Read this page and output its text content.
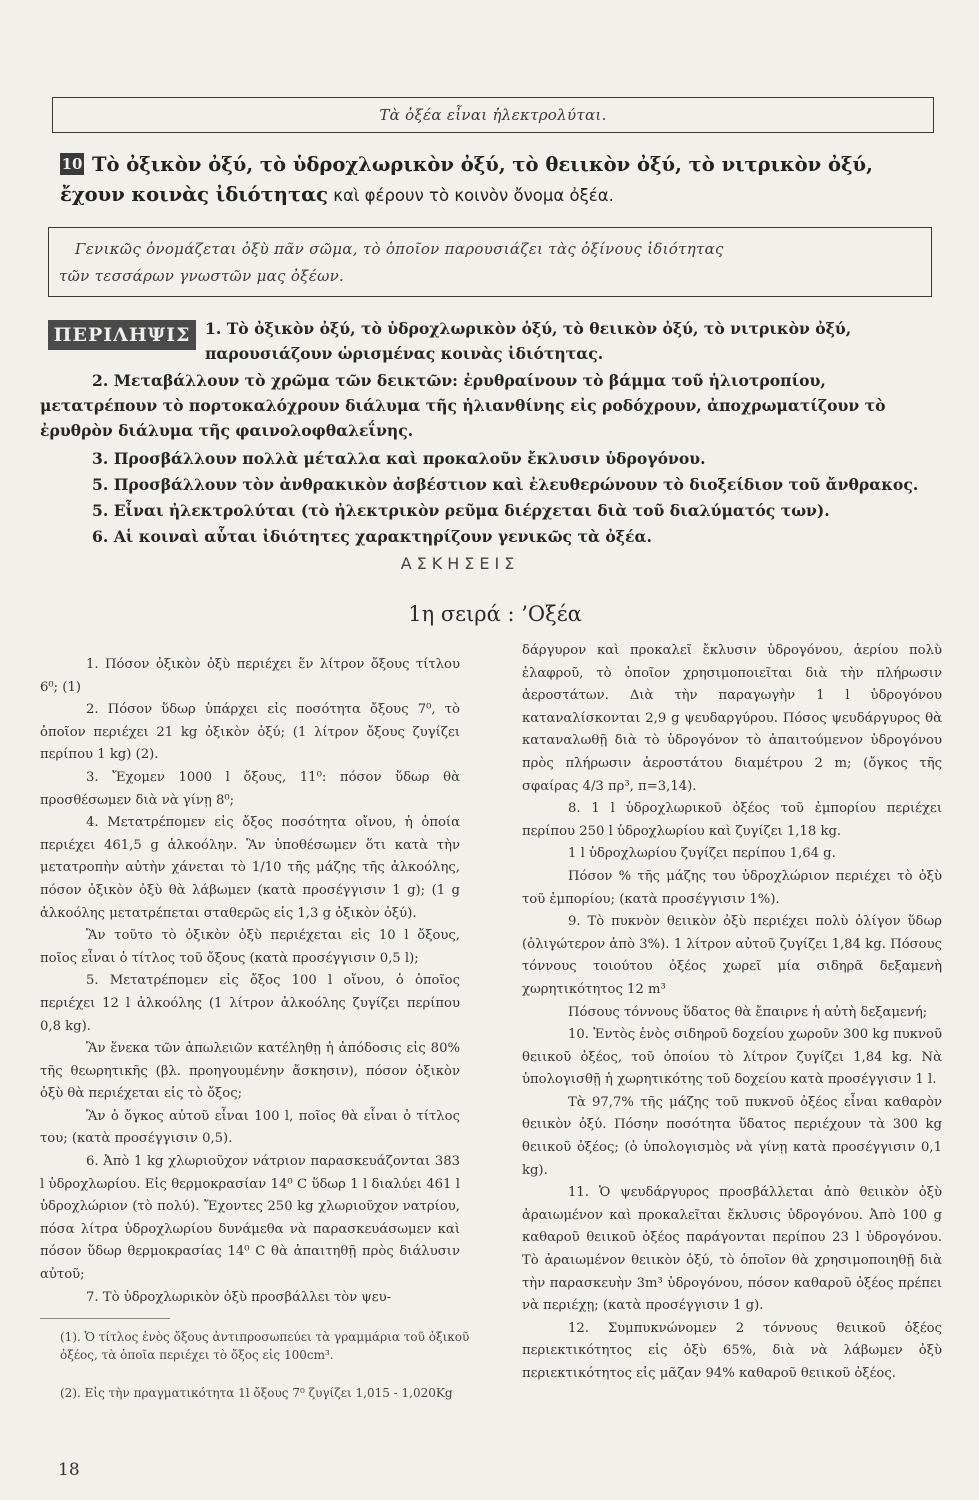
Τὰ ὀξέα εἶναι ἠλεκτρολύται.
10 Τὸ ὀξικὸν ὀξύ, τὸ ὑδροχλωρικὸν ὀξύ, τὸ θειικὸν ὀξύ, τὸ νιτρικὸν ὀξύ, ἔχουν κοινὰς ἰδιότητας καὶ φέρουν τὸ κοινὸν ὄνομα ὀξέα.
Γενικῶς ὀνομάζεται ὀξὺ πᾶν σῶμα, τὸ ὁποῖον παρουσιάζει τὰς ὀξίνους ἰδιότητας
τῶν τεσσάρων γνωστῶν μας ὀξέων.
ΠΕΡΙΛΗΨΙΣ 1. Τὸ ὀξικὸν ὀξύ, τὸ ὑδροχλωρικὸν ὀξύ, τὸ θειικὸν ὀξύ, τὸ νιτρικὸν ὀξύ, παρουσιάζουν ὡρισμένας κοινὰς ἰδιότητας.
2. Μεταβάλλουν τὸ χρῶμα τῶν δεικτῶν: ἐρυθραίνουν τὸ βάμμα τοῦ ἡλιοτροπίου, μετατρέπουν τὸ πορτοκαλόχρουν διάλυμα τῆς ἡλιανθίνης εἰς ροδόχρουν, ἀποχρωματίζουν τὸ ἐρυθρὸν διάλυμα τῆς φαινολοφθαλεΐνης.
3. Προσβάλλουν πολλὰ μέταλλα καὶ προκαλοῦν ἔκλυσιν ὑδρογόνου.
5. Προσβάλλουν τὸν ἀνθρακικὸν ἀσβέστιον καὶ ἐλευθερώνουν τὸ διοξείδιον τοῦ ἄνθρακος.
5. Εἶναι ἠλεκτρολύται (τὸ ἠλεκτρικὸν ρεῦμα διέρχεται διὰ τοῦ διαλύματός των).
6. Αἱ κοιναὶ αὗται ἰδιότητες χαρακτηρίζουν γενικῶς τὰ ὀξέα.
ΑΣΚΗΣΕΙΣ
1η σειρά : ’Οξέα

1. Πόσον ὀξικὸν ὀξὺ περιέχει ἕν λίτρον ὄξους τίτλου 6⁰; (1)

2. Πόσον ὕδωρ ὑπάρχει εἰς ποσότητα ὄξους 7⁰, τὸ ὁποῖον περιέχει 21 kg ὀξικὸν ὀξύ; (1 λίτρον ὄξους ζυγίζει περίπου 1 kg) (2).

3. Ἔχομεν 1000 l ὄξους, 11⁰: πόσον ὕδωρ θὰ προσθέσωμεν διὰ νὰ γίνῃ 8⁰;

4. Μετατρέπομεν εἰς ὄξος ποσότητα οἴνου, ἡ ὁποία περιέχει 461,5 g ἀλκοόλην. Ἂν ὑποθέσωμεν ὅτι κατὰ τὴν μετατροπὴν αὐτὴν χάνεται τὸ 1/10 τῆς μάζης τῆς ἀλκοόλης, πόσον ὀξικὸν ὀξὺ θὰ λάβωμεν (κατὰ προσέγγισιν 1 g); (1 g ἀλκοόλης μετατρέπεται σταθερῶς εἰς 1,3 g ὀξικὸν ὀξύ).

Ἂν τοῦτο τὸ ὀξικὸν ὀξὺ περιέχεται εἰς 10 l ὄξους, ποῖος εἶναι ὁ τίτλος τοῦ ὄξους (κατὰ προσέγγισιν 0,5 l);

5. Μετατρέπομεν εἰς ὄξος 100 l οἴνου, ὁ ὁποῖος περιέχει 12 l ἀλκοόλης (1 λίτρον ἀλκοόλης ζυγίζει περίπου 0,8 kg).

Ἂν ἕνεκα τῶν ἀπωλειῶν κατέληθῃ ἡ ἀπόδοσις εἰς 80% τῆς θεωρητικῆς (βλ. προηγουμένην ἄσκησιν), πόσον ὀξικὸν ὀξὺ θὰ περιέχεται εἰς τὸ ὄξος;

Ἂν ὁ ὄγκος αὐτοῦ εἶναι 100 l, ποῖος θὰ εἶναι ὁ τίτλος του; (κατὰ προσέγγισιν 0,5).

6. Ἀπὸ 1 kg χλωριοῦχον νάτριον παρασκευάζονται 383 l ὑδροχλωρίου. Εἰς θερμοκρασίαν 14⁰ C ὕδωρ 1 l διαλύει 461 l ὑδροχλώριον (τὸ πολύ). Ἔχοντες 250 kg χλωριοῦχον νατρίου, πόσα λίτρα ὑδροχλωρίου δυνάμεθα νὰ παρασκευάσωμεν καὶ πόσον ὕδωρ θερμοκρασίας 14⁰ C θὰ ἀπαιτηθῇ πρὸς διάλυσιν αὐτοῦ;

7. Τὸ ὑδροχλωρικὸν ὀξὺ προσβάλλει τὸν ψευ-

δάργυρον καὶ προκαλεῖ ἔκλυσιν ὑδρογόνου, ἀερίου πολὺ ἐλαφροῦ, τὸ ὁποῖον χρησιμοποιεῖται διὰ τὴν πλήρωσιν ἀεροστάτων. Διὰ τὴν παραγωγὴν 1 l ὑδρογόνου καταναλίσκονται 2,9 g ψευδαργύρου. Πόσος ψευδάργυρος θὰ καταναλωθῇ διὰ τὸ ὑδρογόνον τὸ ἀπαιτούμενον ὑδρογόνου πρὸς πλήρωσιν ἀεροστάτου διαμέτρου 2 m; (ὄγκος τῆς σφαίρας 4/3 πρ³, π=3,14).

8. 1 l ὑδροχλωρικοῦ ὀξέος τοῦ ἐμπορίου περιέχει περίπου 250 l ὑδροχλωρίου καὶ ζυγίζει 1,18 kg.

1 l ὑδροχλωρίου ζυγίζει περίπου 1,64 g.

Πόσον % τῆς μάζης του ὑδροχλώριον περιέχει τὸ ὀξὺ τοῦ ἐμπορίου; (κατὰ προσέγγισιν 1%).

9. Τὸ πυκνὸν θειικὸν ὀξὺ περιέχει πολὺ ὀλίγον ὕδωρ (ὀλιγώτερον ἀπὸ 3%). 1 λίτρον αὐτοῦ ζυγίζει 1,84 kg. Πόσους τόννους τοιούτου ὀξέος χωρεῖ μία σιδηρᾶ δεξαμενὴ χωρητικότητος 12 m³

Πόσους τόννους ὕδατος θὰ ἔπαιρνε ἡ αὐτὴ δεξαμενή;

10. Ἐντὸς ἑνὸς σιδηροῦ δοχείου χωροῦν 300 kg πυκνοῦ θειικοῦ ὀξέος, τοῦ ὁποίου τὸ λίτρον ζυγίζει 1,84 kg. Νὰ ὑπολογισθῇ ἡ χωρητικότης τοῦ δοχείου κατὰ προσέγγισιν 1 l.

Τὰ 97,7% τῆς μάζης τοῦ πυκνοῦ ὀξέος εἶναι καθαρὸν θειικὸν ὀξύ. Πόσην ποσότητα ὕδατος περιέχουν τὰ 300 kg θειικοῦ ὀξέος; (ὁ ὑπολογισμὸς νὰ γίνῃ κατὰ προσέγγισιν 0,1 kg).

11. Ὁ ψευδάργυρος προσβάλλεται ἀπὸ θειικὸν ὀξὺ ἀραιωμένον καὶ προκαλεῖται ἔκλυσις ὑδρογόνου. Ἀπὸ 100 g καθαροῦ θειικοῦ ὀξέος παράγονται περίπου 23 l ὑδρογόνου. Τὸ ἀραιωμένον θειικὸν ὀξύ, τὸ ὁποῖον θὰ χρησιμοποιηθῇ διὰ τὴν παρασκευὴν 3m³ ὑδρογόνου, πόσον καθαροῦ ὀξέος πρέπει νὰ περιέχῃ; (κατὰ προσέγγισιν 1 g).

12. Συμπυκνώνομεν 2 τόννους θειικοῦ ὀξέος περιεκτικότητος εἰς ὀξὺ 65%, διὰ νὰ λάβωμεν ὀξὺ περιεκτικότητος εἰς μᾶζαν 94% καθαροῦ θειικοῦ ὀξέος.

(1). Ὁ τίτλος ἑνὸς ὄξους ἀντιπροσωπεύει τὰ γραμμάρια τοῦ ὀξικοῦ ὀξέος, τὰ ὁποῖα περιέχει τὸ ὄξος εἰς 100cm³.
(2). Εἰς τὴν πραγματικότητα 1l ὄξους 7⁰ ζυγίζει 1,015 - 1,020Kg
18
